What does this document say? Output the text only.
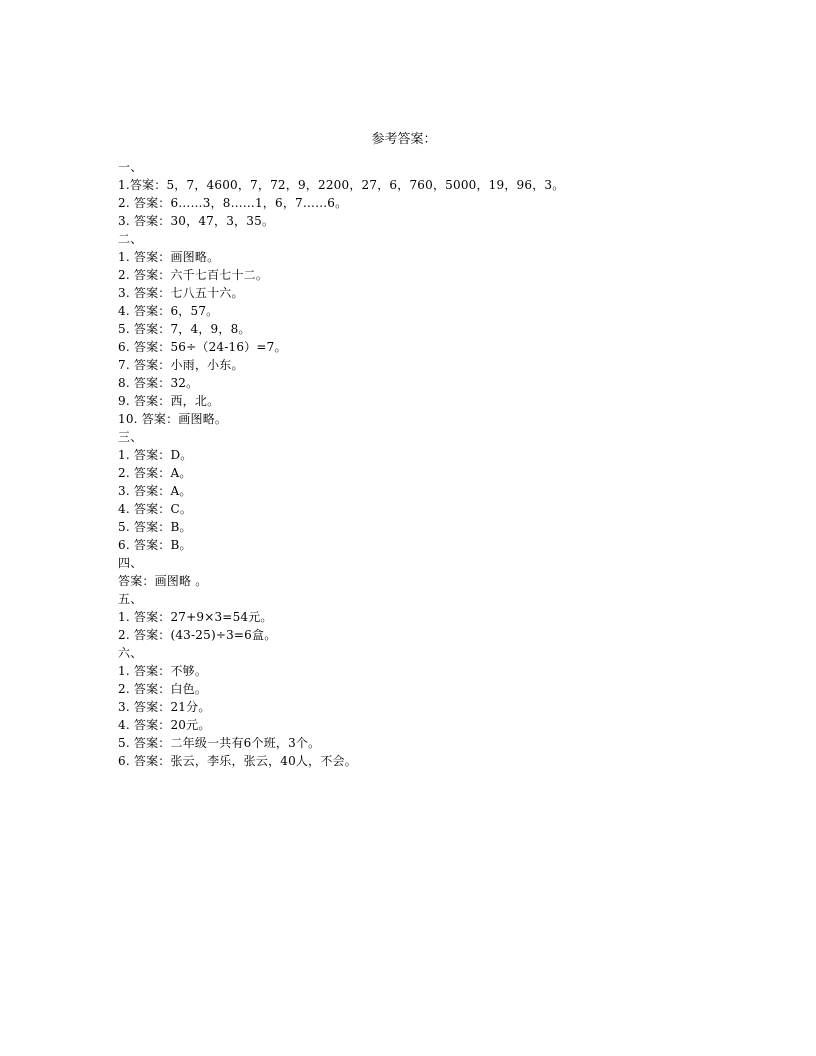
参考答案：
一、
1.答案：5，7，4600，7，72，9，2200，27，6，760，5000，19，96，3。
2. 答案：6……3，8……1，6，7……6。
3. 答案：30，47，3，35。
二、
1. 答案：画图略。
2. 答案：六千七百七十二。
3. 答案：七八五十六。
4. 答案：6，57。
5. 答案：7，4，9，8。
6. 答案：56÷（24-16）=7。
7. 答案：小雨，小东。
8. 答案：32。
9. 答案：西，北。
10. 答案：画图略。
三、
1. 答案：D。
2. 答案：A。
3. 答案：A。
4. 答案：C。
5. 答案：B。
6. 答案：B。
四、
答案：画图略 。
五、
1. 答案：27+9×3=54元。
2. 答案：(43-25)÷3=6盒。
六、
1. 答案：不够。
2. 答案：白色。
3. 答案：21分。
4. 答案：20元。
5. 答案：二年级一共有6个班，3个。
6. 答案：张云，李乐，张云，40人，不会。
